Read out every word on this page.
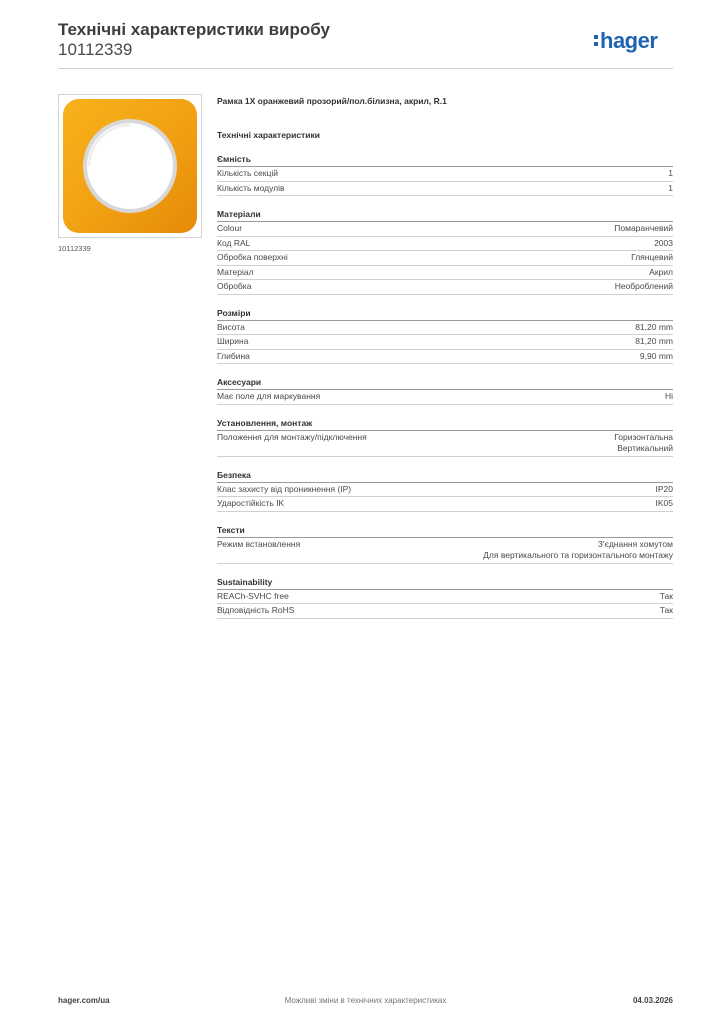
Технічні характеристики виробу
10112339	hager
10112339
Рамка 1Х оранжевий прозорий/пол.білизна, акрил, R.1
Технічні характеристики
Ємність
Кількість секцій	1
Кількість модулів	1
Матеріали
Colour	Помаранчевий
Код RAL	2003
Обробка поверхні	Глянцевий
Матеріал	Акрил
Обробка	Необроблений
Розміри
Висота	81,20 mm
Ширина	81,20 mm
Глибина	9,90 mm
Аксесуари
Має поле для маркування	Ні
Установлення, монтаж
Положення для монтажу/підключення	Горизонтальна
Вертикальний
Безпека
Клас захисту від проникнення (IP)	IP20
Ударостійкість IK	IK05
Тексти
Режим встановлення	З'єднання хомутом
Для вертикального та горизонтального монтажу
Sustainability
REACh-SVHC free	Так
Відповідність RoHS	Так
Можливі зміни в технічних характеристиках
hager.com/ua	04.03.2026
